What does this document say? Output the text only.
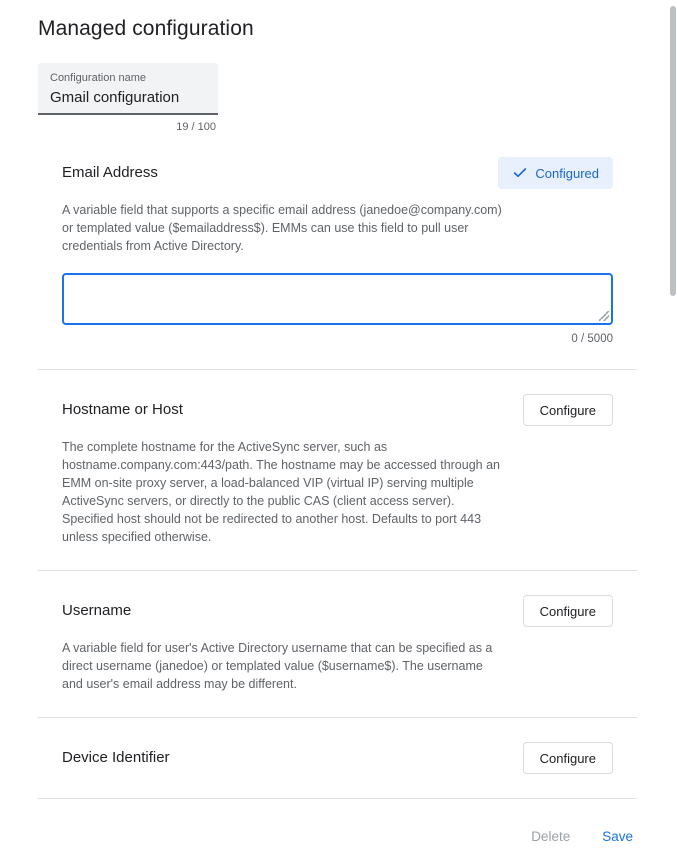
Managed configuration
Configuration name
Gmail configuration
19 / 100
Email Address	Configured

A variable field that supports a specific email address (janedoe@company.com) or templated value ($emailaddress$). EMMs can use this field to pull user credentials from Active Directory.

0 / 5000
Hostname or Host	Configure

The complete hostname for the ActiveSync server, such as hostname.company.com:443/path. The hostname may be accessed through an EMM on-site proxy server, a load-balanced VIP (virtual IP) serving multiple ActiveSync servers, or directly to the public CAS (client access server). Specified host should not be redirected to another host. Defaults to port 443 unless specified otherwise.

Username	Configure

A variable field for user's Active Directory username that can be specified as a direct username (janedoe) or templated value ($username$). The username and user's email address may be different.

Device Identifier	Configure
Delete	Save
